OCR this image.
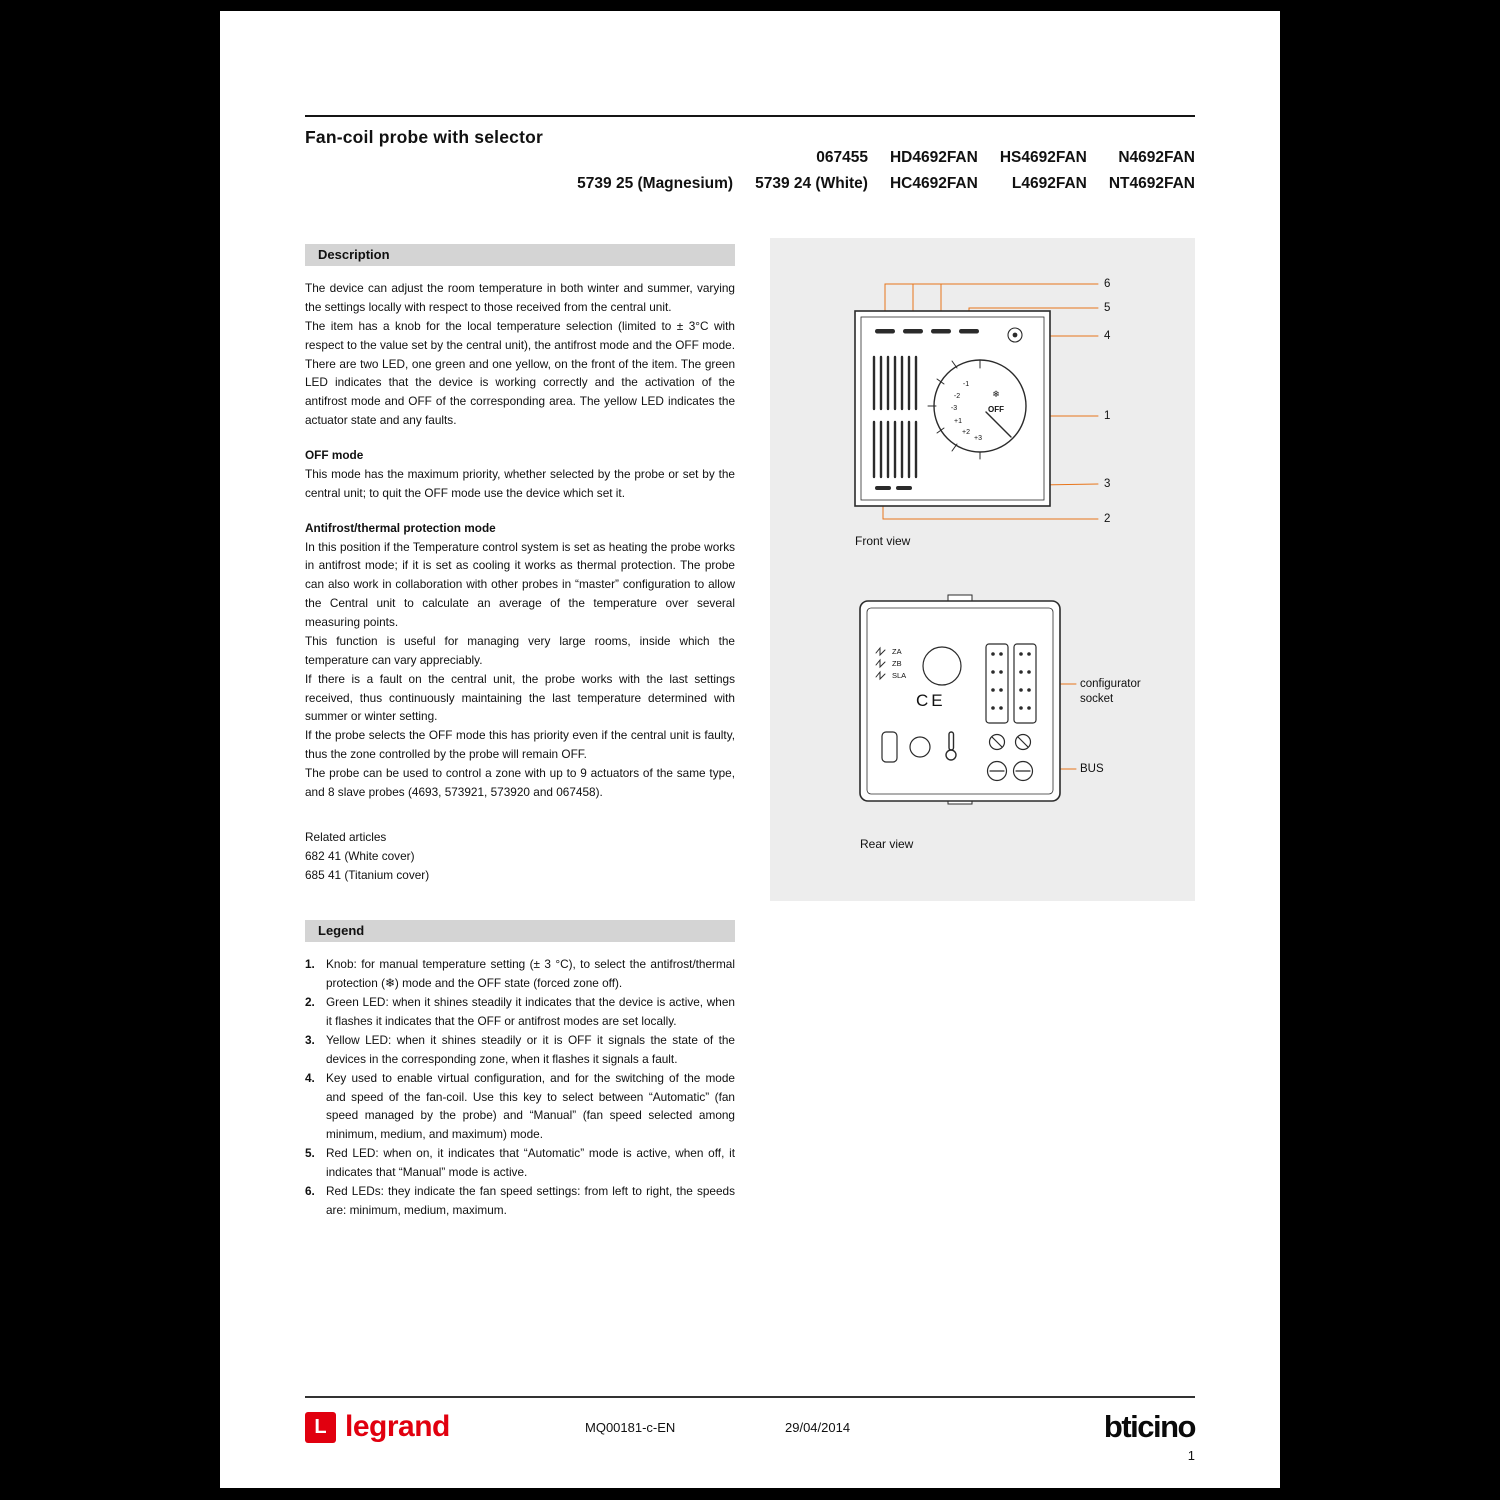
Fan-coil probe with selector
	067455	HD4692FAN	HS4692FAN	N4692FAN
5739 25 (Magnesium)	5739 24 (White)	HC4692FAN	L4692FAN	NT4692FAN
Description

The device can adjust the room temperature in both winter and summer, varying the settings locally with respect to those received from the central unit.

The item has a knob for the local temperature selection (limited to ± 3°C with respect to the value set by the central unit), the antifrost mode and the OFF mode. There are two LED, one green and one yellow, on the front of the item. The green LED indicates that the device is working correctly and the activation of the antifrost mode and OFF of the corresponding area. The yellow LED indicates the actuator state and any faults.

OFF mode

This mode has the maximum priority, whether selected by the probe or set by the central unit; to quit the OFF mode use the device which set it.

Antifrost/thermal protection mode

In this position if the Temperature control system is set as heating the probe works in antifrost mode; if it is set as cooling it works as thermal protection. The probe can also work in collaboration with other probes in “master” configuration to allow the Central unit to calculate an average of the temperature over several measuring points.

This function is useful for managing very large rooms, inside which the temperature can vary appreciably.

If there is a fault on the central unit, the probe works with the last settings received, thus continuously maintaining the last temperature determined with summer or winter setting.

If the probe selects the OFF mode this has priority even if the central unit is faulty, thus the zone controlled by the probe will remain OFF.

The probe can be used to control a zone with up to 9 actuators of the same type, and 8 slave probes (4693, 573921, 573920 and 067458).

Related articles

682 41 (White cover)

685 41 (Titanium cover)

Legend
1. Knob: for manual temperature setting (± 3 °C), to select the antifrost/thermal protection (❄) mode and the OFF state (forced zone off).
2. Green LED: when it shines steadily it indicates that the device is active, when it flashes it indicates that the OFF or antifrost modes are set locally.
3. Yellow LED: when it shines steadily or it is OFF it signals the state of the devices in the corresponding zone, when it flashes it signals a fault.
4. Key used to enable virtual configuration, and for the switching of the mode and speed of the fan-coil. Use this key to select between “Automatic” (fan speed managed by the probe) and “Manual” (fan speed selected among minimum, medium, and maximum) mode.
5. Red LED: when on, it indicates that “Automatic” mode is active, when off, it indicates that “Manual” mode is active.
6. Red LEDs: they indicate the fan speed settings: from left to right, the speeds are: minimum, medium, maximum.
-1
-2
-3
+1
+2
+3
❄
OFF
6
5
4
1
3
2
Front view
ZA
ZB
SLA
CE
configurator
socket
BUS
Rear view
L legrand	MQ00181-c-EN	29/04/2014	bticino
1
